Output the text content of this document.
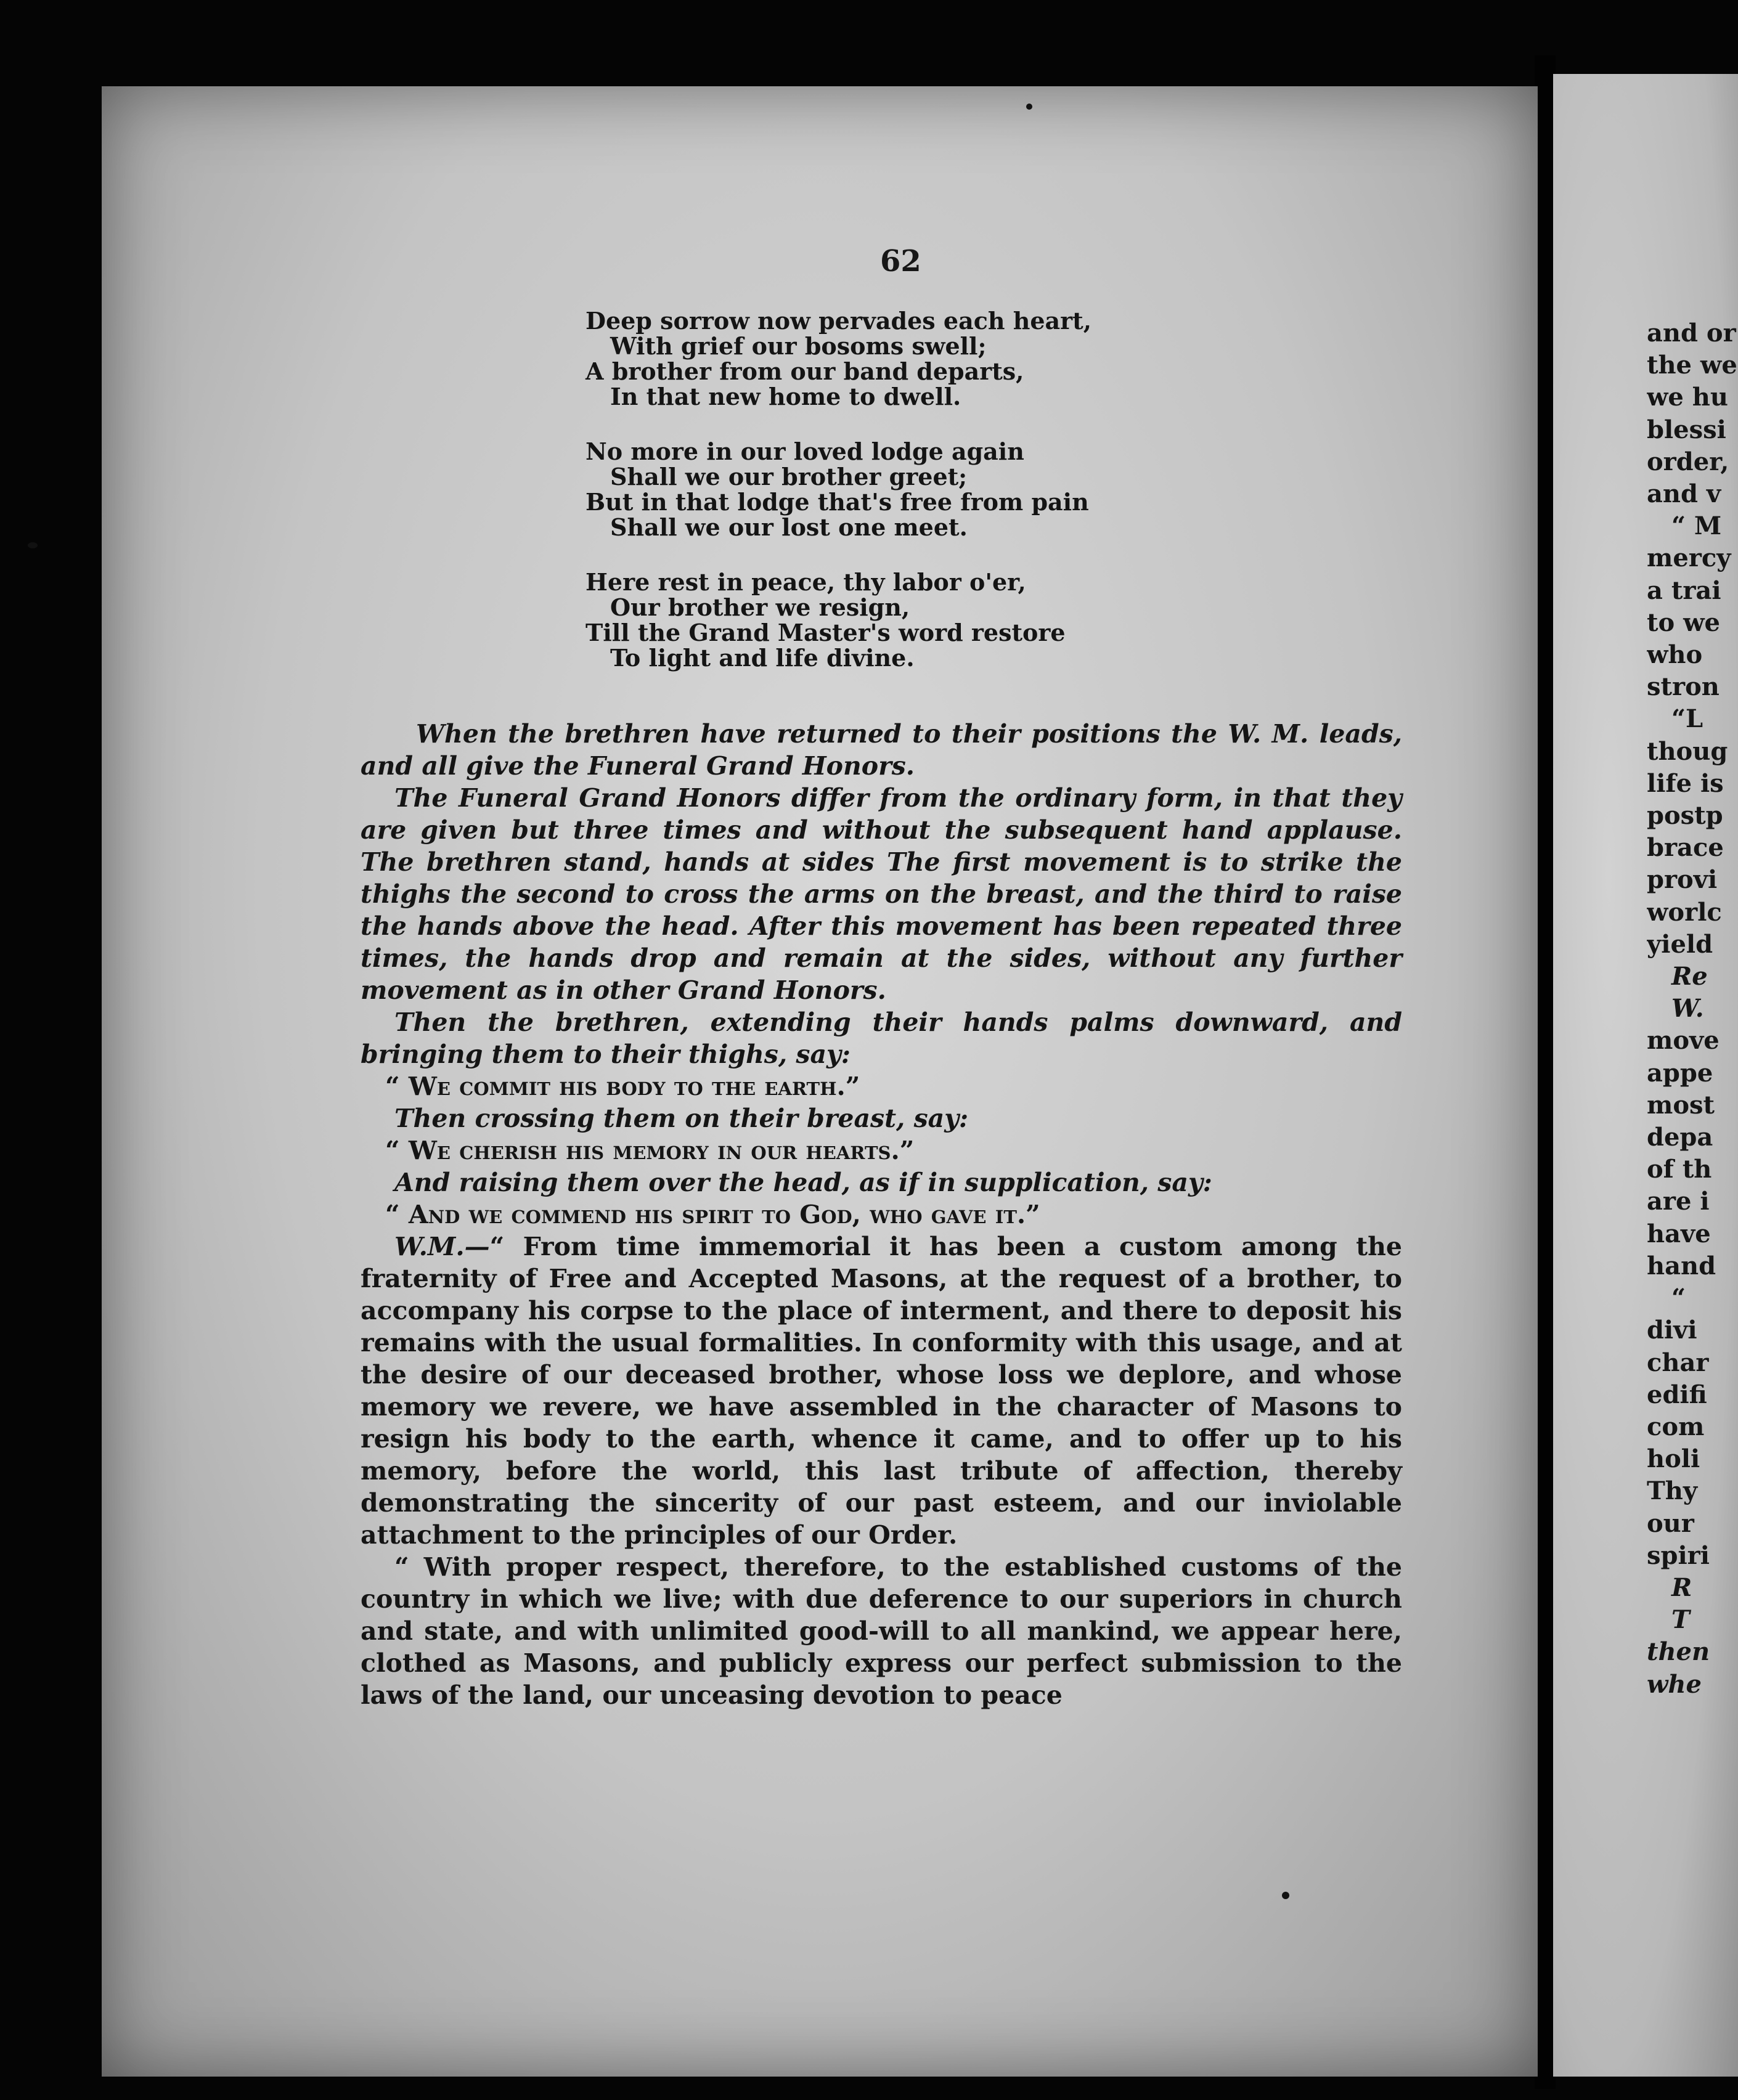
62
Deep sorrow now pervades each heart,
With grief our bosoms swell;
A brother from our band departs,
In that new home to dwell.
No more in our loved lodge again
Shall we our brother greet;
But in that lodge that's free from pain
Shall we our lost one meet.
Here rest in peace, thy labor o'er,
Our brother we resign,
Till the Grand Master's word restore
To light and life divine.

When the brethren have returned to their positions the W. M. leads, and all give the Funeral Grand Honors.

The Funeral Grand Honors differ from the ordinary form, in that they are given but three times and without the subsequent hand applause. The brethren stand, hands at sides The first movement is to strike the thighs the second to cross the arms on the breast, and the third to raise the hands above the head. After this movement has been repeated three times, the hands drop and remain at the sides, without any further movement as in other Grand Honors.

Then the brethren, extending their hands palms downward, and bringing them to their thighs, say:

“ We commit his body to the earth.”

Then crossing them on their breast, say:

“ We cherish his memory in our hearts.”

And raising them over the head, as if in supplication, say:

“ And we commend his spirit to God, who gave it.”

W.M.—“ From time immemorial it has been a custom among the fraternity of Free and Accepted Masons, at the request of a brother, to accompany his corpse to the place of interment, and there to deposit his remains with the usual formalities. In conformity with this usage, and at the desire of our deceased brother, whose loss we deplore, and whose memory we revere, we have assembled in the character of Masons to resign his body to the earth, whence it came, and to offer up to his memory, before the world, this last tribute of affection, thereby demonstrating the sincerity of our past esteem, and our inviolable attachment to the principles of our Order.

“ With proper respect, therefore, to the established customs of the country in which we live; with due deference to our superiors in church and state, and with unlimited good-will to all mankind, we appear here, clothed as Masons, and publicly express our perfect submission to the laws of the land, our unceasing devotion to peace

and or
the we
we hu
blessi
order,
and v
“ M
mercy
a trai
to we
who
stron
“L
thoug
life is
postp
brace
provi
worlc
yield
Re
W.
move
appe
most
depa
of th
are i
have
hand
“
divi
char
edifi
com
holi
Thy
our
spiri
R
T
then
whe
